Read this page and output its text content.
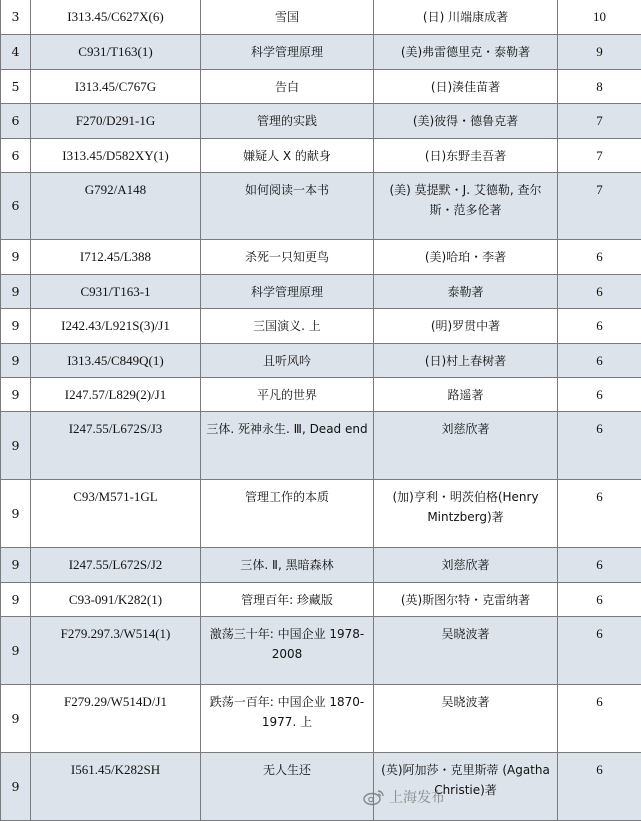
3	I313.45/C627X(6)	雪国	(日) 川端康成著	10
4	C931/T163(1)	科学管理原理	(美)弗雷德里克・泰勒著	9
5	I313.45/C767G	告白	(日)湊佳苗著	8
6	F270/D291-1G	管理的实践	(美)彼得・德鲁克著	7
6	I313.45/D582XY(1)	嫌疑人 X 的献身	(日)东野圭吾著	7
6	G792/A148	如何阅读一本书	(美) 莫提默・J. 艾德勒, 查尔斯・范多伦著	7
9	I712.45/L388	杀死一只知更鸟	(美)哈珀・李著	6
9	C931/T163-1	科学管理原理	泰勒著	6
9	I242.43/L921S(3)/J1	三国演义. 上	(明)罗贯中著	6
9	I313.45/C849Q(1)	且听风吟	(日)村上春树著	6
9	I247.57/L829(2)/J1	平凡的世界	路遥著	6
9	I247.55/L672S/J3	三体. 死神永生. Ⅲ, Dead end	刘慈欣著	6
9	C93/M571-1GL	管理工作的本质	(加)亨利・明茨伯格(Henry Mintzberg)著	6
9	I247.55/L672S/J2	三体. Ⅱ, 黑暗森林	刘慈欣著	6
9	C93-091/K282(1)	管理百年: 珍藏版	(英)斯图尔特・克雷纳著	6
9	F279.297.3/W514(1)	激荡三十年: 中国企业 1978-2008	吴晓波著	6
9	F279.29/W514D/J1	跌荡一百年: 中国企业 1870-1977. 上	吴晓波著	6
9	I561.45/K282SH	无人生还	(英)阿加莎・克里斯蒂 (Agatha Christie)著	6
上海发布
